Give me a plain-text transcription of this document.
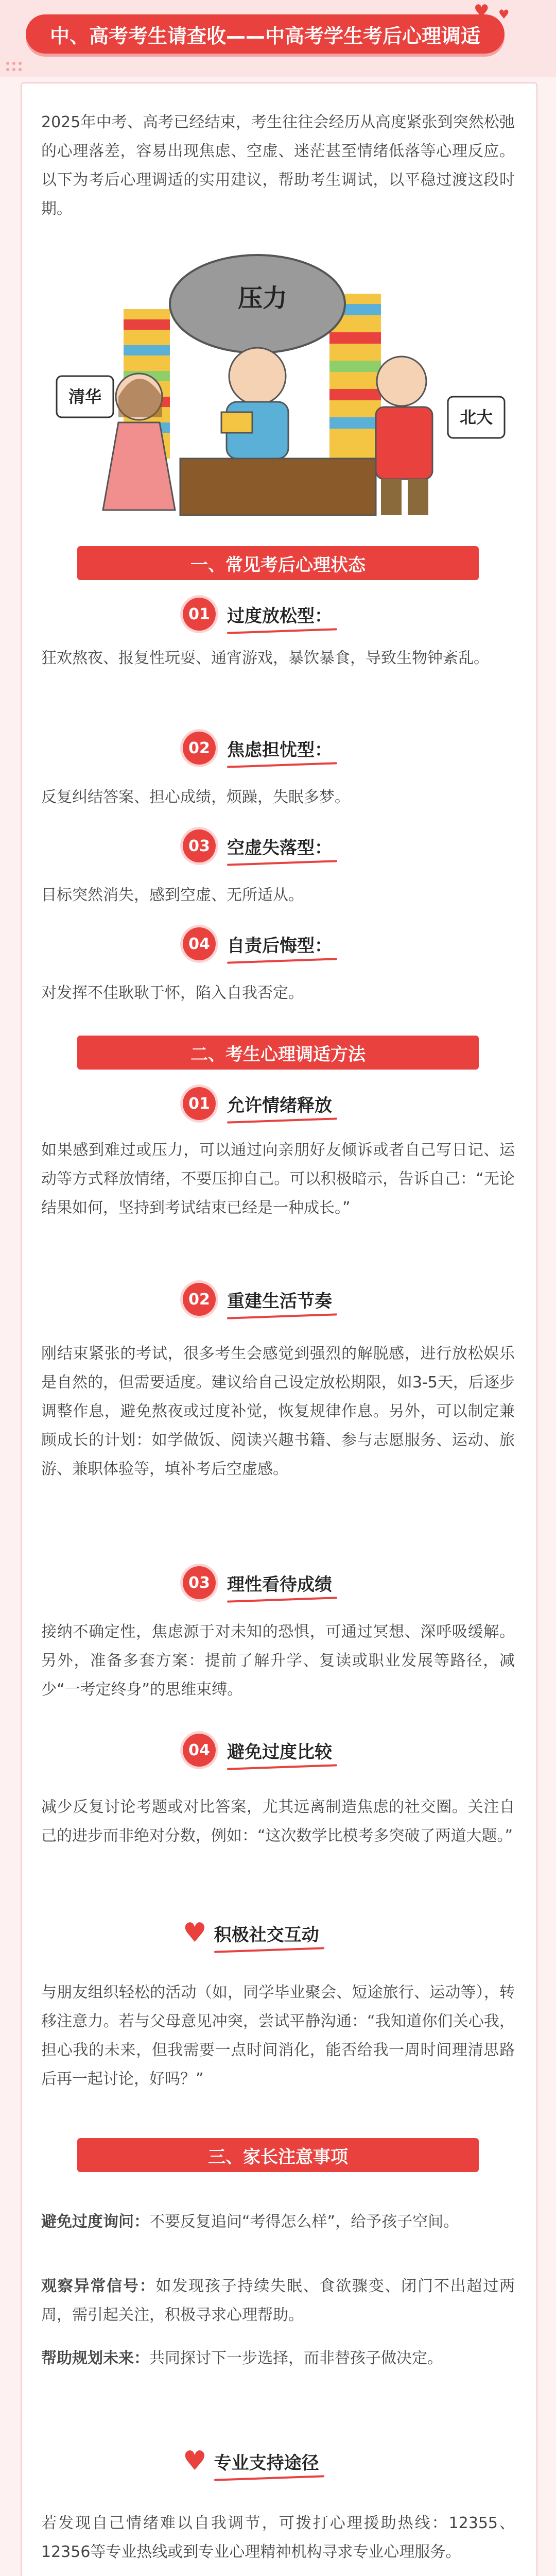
中、高考考生请查收——中高考学生考后心理调适
♥ ♥

2025年中考、高考已经结束，考生往往会经历从高度紧张到突然松弛的心理落差，容易出现焦虑、空虚、迷茫甚至情绪低落等心理反应。以下为考后心理调适的实用建议，帮助考生调试，以平稳过渡这段时期。

压力
清华
北大
一、常见考后心理状态
01 过度放松型：

狂欢熬夜、报复性玩耍、通宵游戏，暴饮暴食，导致生物钟紊乱。

02 焦虑担忧型：

反复纠结答案、担心成绩，烦躁，失眠多梦。

03 空虚失落型：

目标突然消失，感到空虚、无所适从。

04 自责后悔型：

对发挥不佳耿耿于怀，陷入自我否定。

二、考生心理调适方法
01 允许情绪释放

如果感到难过或压力，可以通过向亲朋好友倾诉或者自己写日记、运动等方式释放情绪，不要压抑自己。可以积极暗示，告诉自己：“无论结果如何，坚持到考试结束已经是一种成长。”

02 重建生活节奏

刚结束紧张的考试，很多考生会感觉到强烈的解脱感，进行放松娱乐是自然的，但需要适度。建议给自己设定放松期限，如3-5天，后逐步调整作息，避免熬夜或过度补觉，恢复规律作息。另外，可以制定兼顾成长的计划：如学做饭、阅读兴趣书籍、参与志愿服务、运动、旅游、兼职体验等，填补考后空虚感。

03 理性看待成绩

接纳不确定性，焦虑源于对未知的恐惧，可通过冥想、深呼吸缓解。另外，准备多套方案：提前了解升学、复读或职业发展等路径，减少“一考定终身”的思维束缚。

04 避免过度比较

减少反复讨论考题或对比答案，尤其远离制造焦虑的社交圈。关注自己的进步而非绝对分数，例如：“这次数学比模考多突破了两道大题。”

♥ 积极社交互动

与朋友组织轻松的活动（如，同学毕业聚会、短途旅行、运动等），转移注意力。若与父母意见冲突，尝试平静沟通：“我知道你们关心我，担心我的未来，但我需要一点时间消化，能否给我一周时间理清思路后再一起讨论，好吗？”

三、家长注意事项

避免过度询问：不要反复追问“考得怎么样”，给予孩子空间。

观察异常信号：如发现孩子持续失眠、食欲骤变、闭门不出超过两周，需引起关注，积极寻求心理帮助。

帮助规划未来：共同探讨下一步选择，而非替孩子做决定。

♥ 专业支持途径

若发现自己情绪难以自我调节，可拨打心理援助热线：12355、12356等专业热线或到专业心理精神机构寻求专业心理服务。
